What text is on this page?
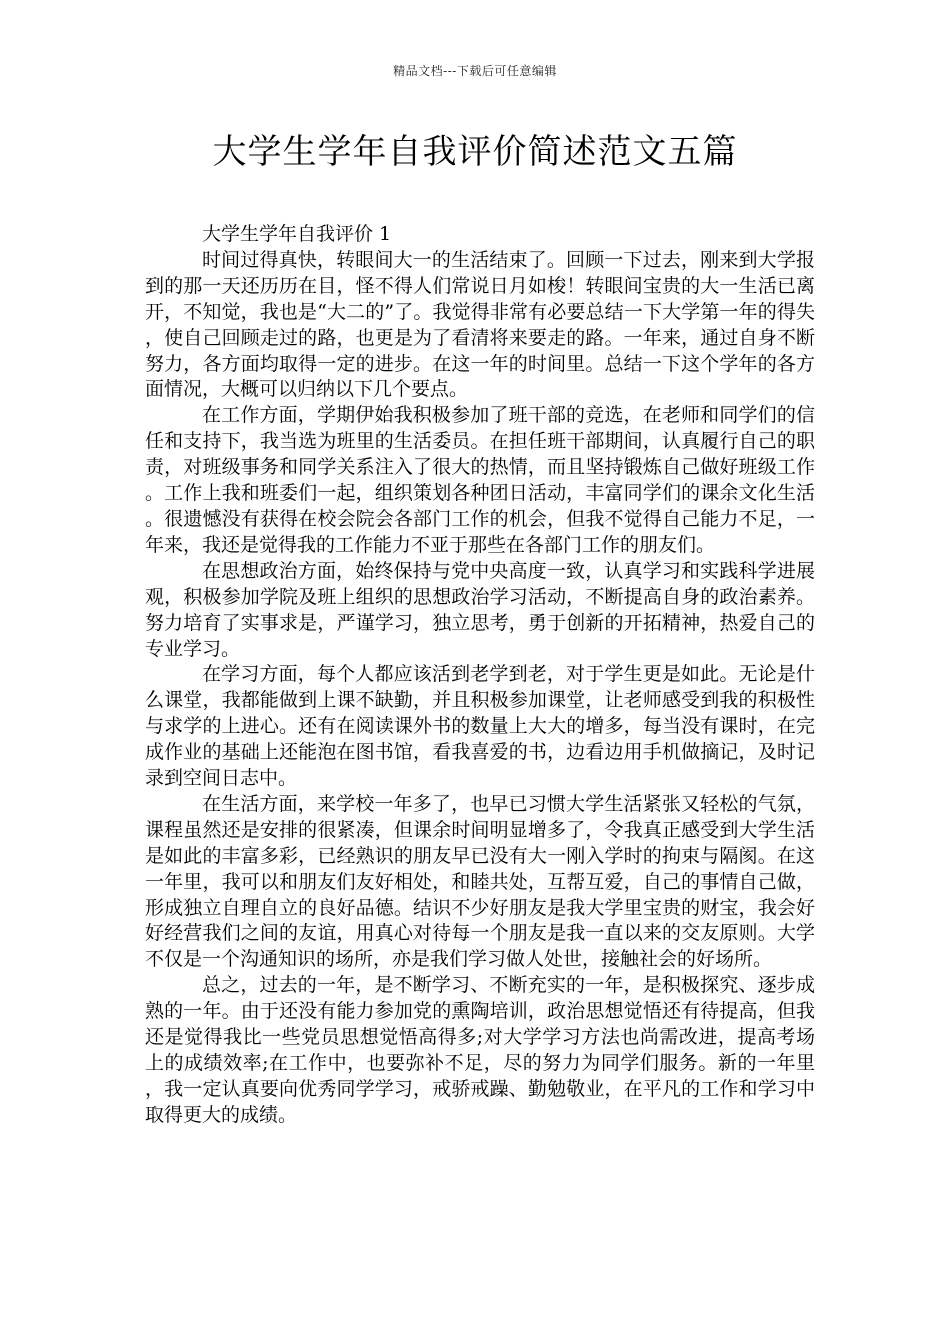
精品文档---下载后可任意编辑
大学生学年自我评价简述范文五篇

大学生学年自我评价 1

时间过得真快，转眼间大一的生活结束了。回顾一下过去，刚来到大学报到的那一天还历历在目，怪不得人们常说日月如梭！转眼间宝贵的大一生活已离开，不知觉，我也是“大二的”了。我觉得非常有必要总结一下大学第一年的得失，使自己回顾走过的路，也更是为了看清将来要走的路。一年来，通过自身不断努力，各方面均取得一定的进步。在这一年的时间里。总结一下这个学年的各方面情况，大概可以归纳以下几个要点。

在工作方面，学期伊始我积极参加了班干部的竞选，在老师和同学们的信任和支持下，我当选为班里的生活委员。在担任班干部期间，认真履行自己的职责，对班级事务和同学关系注入了很大的热情，而且坚持锻炼自己做好班级工作。工作上我和班委们一起，组织策划各种团日活动，丰富同学们的课余文化生活。很遗憾没有获得在校会院会各部门工作的机会，但我不觉得自己能力不足，一年来，我还是觉得我的工作能力不亚于那些在各部门工作的朋友们。

在思想政治方面，始终保持与党中央高度一致，认真学习和实践科学进展观，积极参加学院及班上组织的思想政治学习活动，不断提高自身的政治素养。努力培育了实事求是，严谨学习，独立思考，勇于创新的开拓精神，热爱自己的专业学习。

在学习方面，每个人都应该活到老学到老，对于学生更是如此。无论是什么课堂，我都能做到上课不缺勤，并且积极参加课堂，让老师感受到我的积极性与求学的上进心。还有在阅读课外书的数量上大大的增多，每当没有课时，在完成作业的基础上还能泡在图书馆，看我喜爱的书，边看边用手机做摘记，及时记录到空间日志中。

在生活方面，来学校一年多了，也早已习惯大学生活紧张又轻松的气氛，课程虽然还是安排的很紧凑，但课余时间明显增多了，令我真正感受到大学生活是如此的丰富多彩，已经熟识的朋友早已没有大一刚入学时的拘束与隔阂。在这一年里，我可以和朋友们友好相处，和睦共处，互帮互爱，自己的事情自己做，形成独立自理自立的良好品德。结识不少好朋友是我大学里宝贵的财宝，我会好好经营我们之间的友谊，用真心对待每一个朋友是我一直以来的交友原则。大学不仅是一个沟通知识的场所，亦是我们学习做人处世，接触社会的好场所。

总之，过去的一年，是不断学习、不断充实的一年，是积极探究、逐步成熟的一年。由于还没有能力参加党的熏陶培训，政治思想觉悟还有待提高，但我还是觉得我比一些党员思想觉悟高得多;对大学学习方法也尚需改进，提高考场上的成绩效率;在工作中，也要弥补不足，尽的努力为同学们服务。新的一年里，我一定认真要向优秀同学学习，戒骄戒躁、勤勉敬业，在平凡的工作和学习中取得更大的成绩。
